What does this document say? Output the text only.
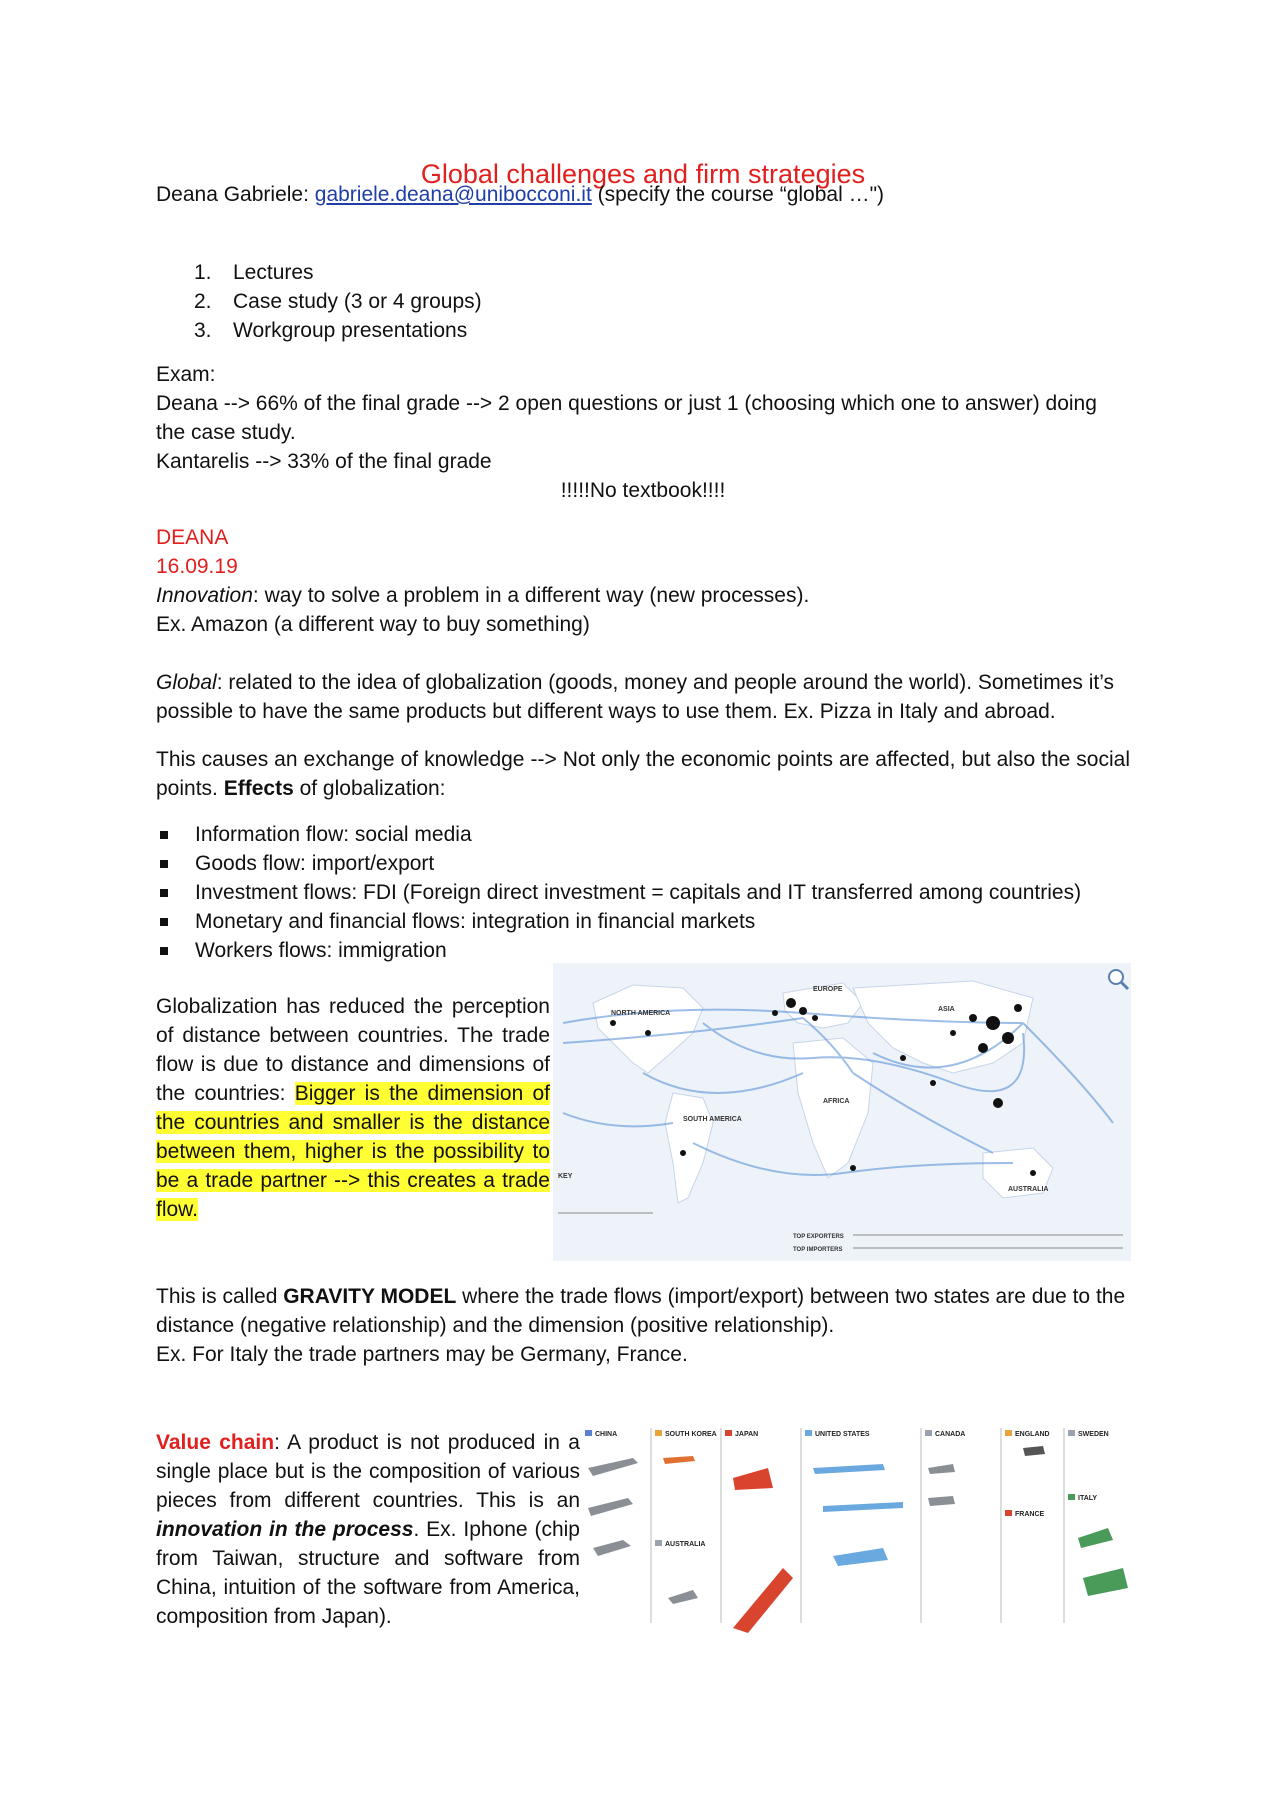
Global challenges and firm strategies

Deana Gabriele: gabriele.deana@unibocconi.it (specify the course “global …")

1. Lectures
2. Case study (3 or 4 groups)
3. Workgroup presentations

Exam:

Deana --> 66% of the final grade --> 2 open questions or just 1 (choosing which one to answer) doing

the case study.

Kantarelis --> 33% of the final grade

!!!!!No textbook!!!!

DEANA

16.09.19

Innovation: way to solve a problem in a different way (new processes).

Ex. Amazon (a different way to buy something)

Global: related to the idea of globalization (goods, money and people around the world). Sometimes it’s possible to have the same products but different ways to use them. Ex. Pizza in Italy and abroad.

This causes an exchange of knowledge --> Not only the economic points are affected, but also the social points. Effects of globalization:

Information flow: social media
Goods flow: import/export
Investment flows: FDI (Foreign direct investment = capitals and IT transferred among countries)
Monetary and financial flows: integration in financial markets
Workers flows: immigration

Globalization has reduced the perception of distance between countries. The trade flow is due to distance and dimensions of the countries: Bigger is the dimension of the countries and smaller is the distance between them, higher is the possibility to be a trade partner --> this creates a trade flow.

This is called GRAVITY MODEL where the trade flows (import/export) between two states are due to the distance (negative relationship) and the dimension (positive relationship).

Ex. For Italy the trade partners may be Germany, France.

Value chain: A product is not produced in a single place but is the composition of various pieces from different countries. This is an innovation in the process. Ex. Iphone (chip from Taiwan, structure and software from China, intuition of the software from America, composition from Japan).

NORTH AMERICA
EUROPE
ASIA
AFRICA
SOUTH AMERICA
AUSTRALIA
KEY
TOP EXPORTERS
TOP IMPORTERS
CHINA	SOUTH KOREA	JAPAN	UNITED STATES	CANADA	ENGLAND	SWEDEN
AUSTRALIA
FRANCE
ITALY
